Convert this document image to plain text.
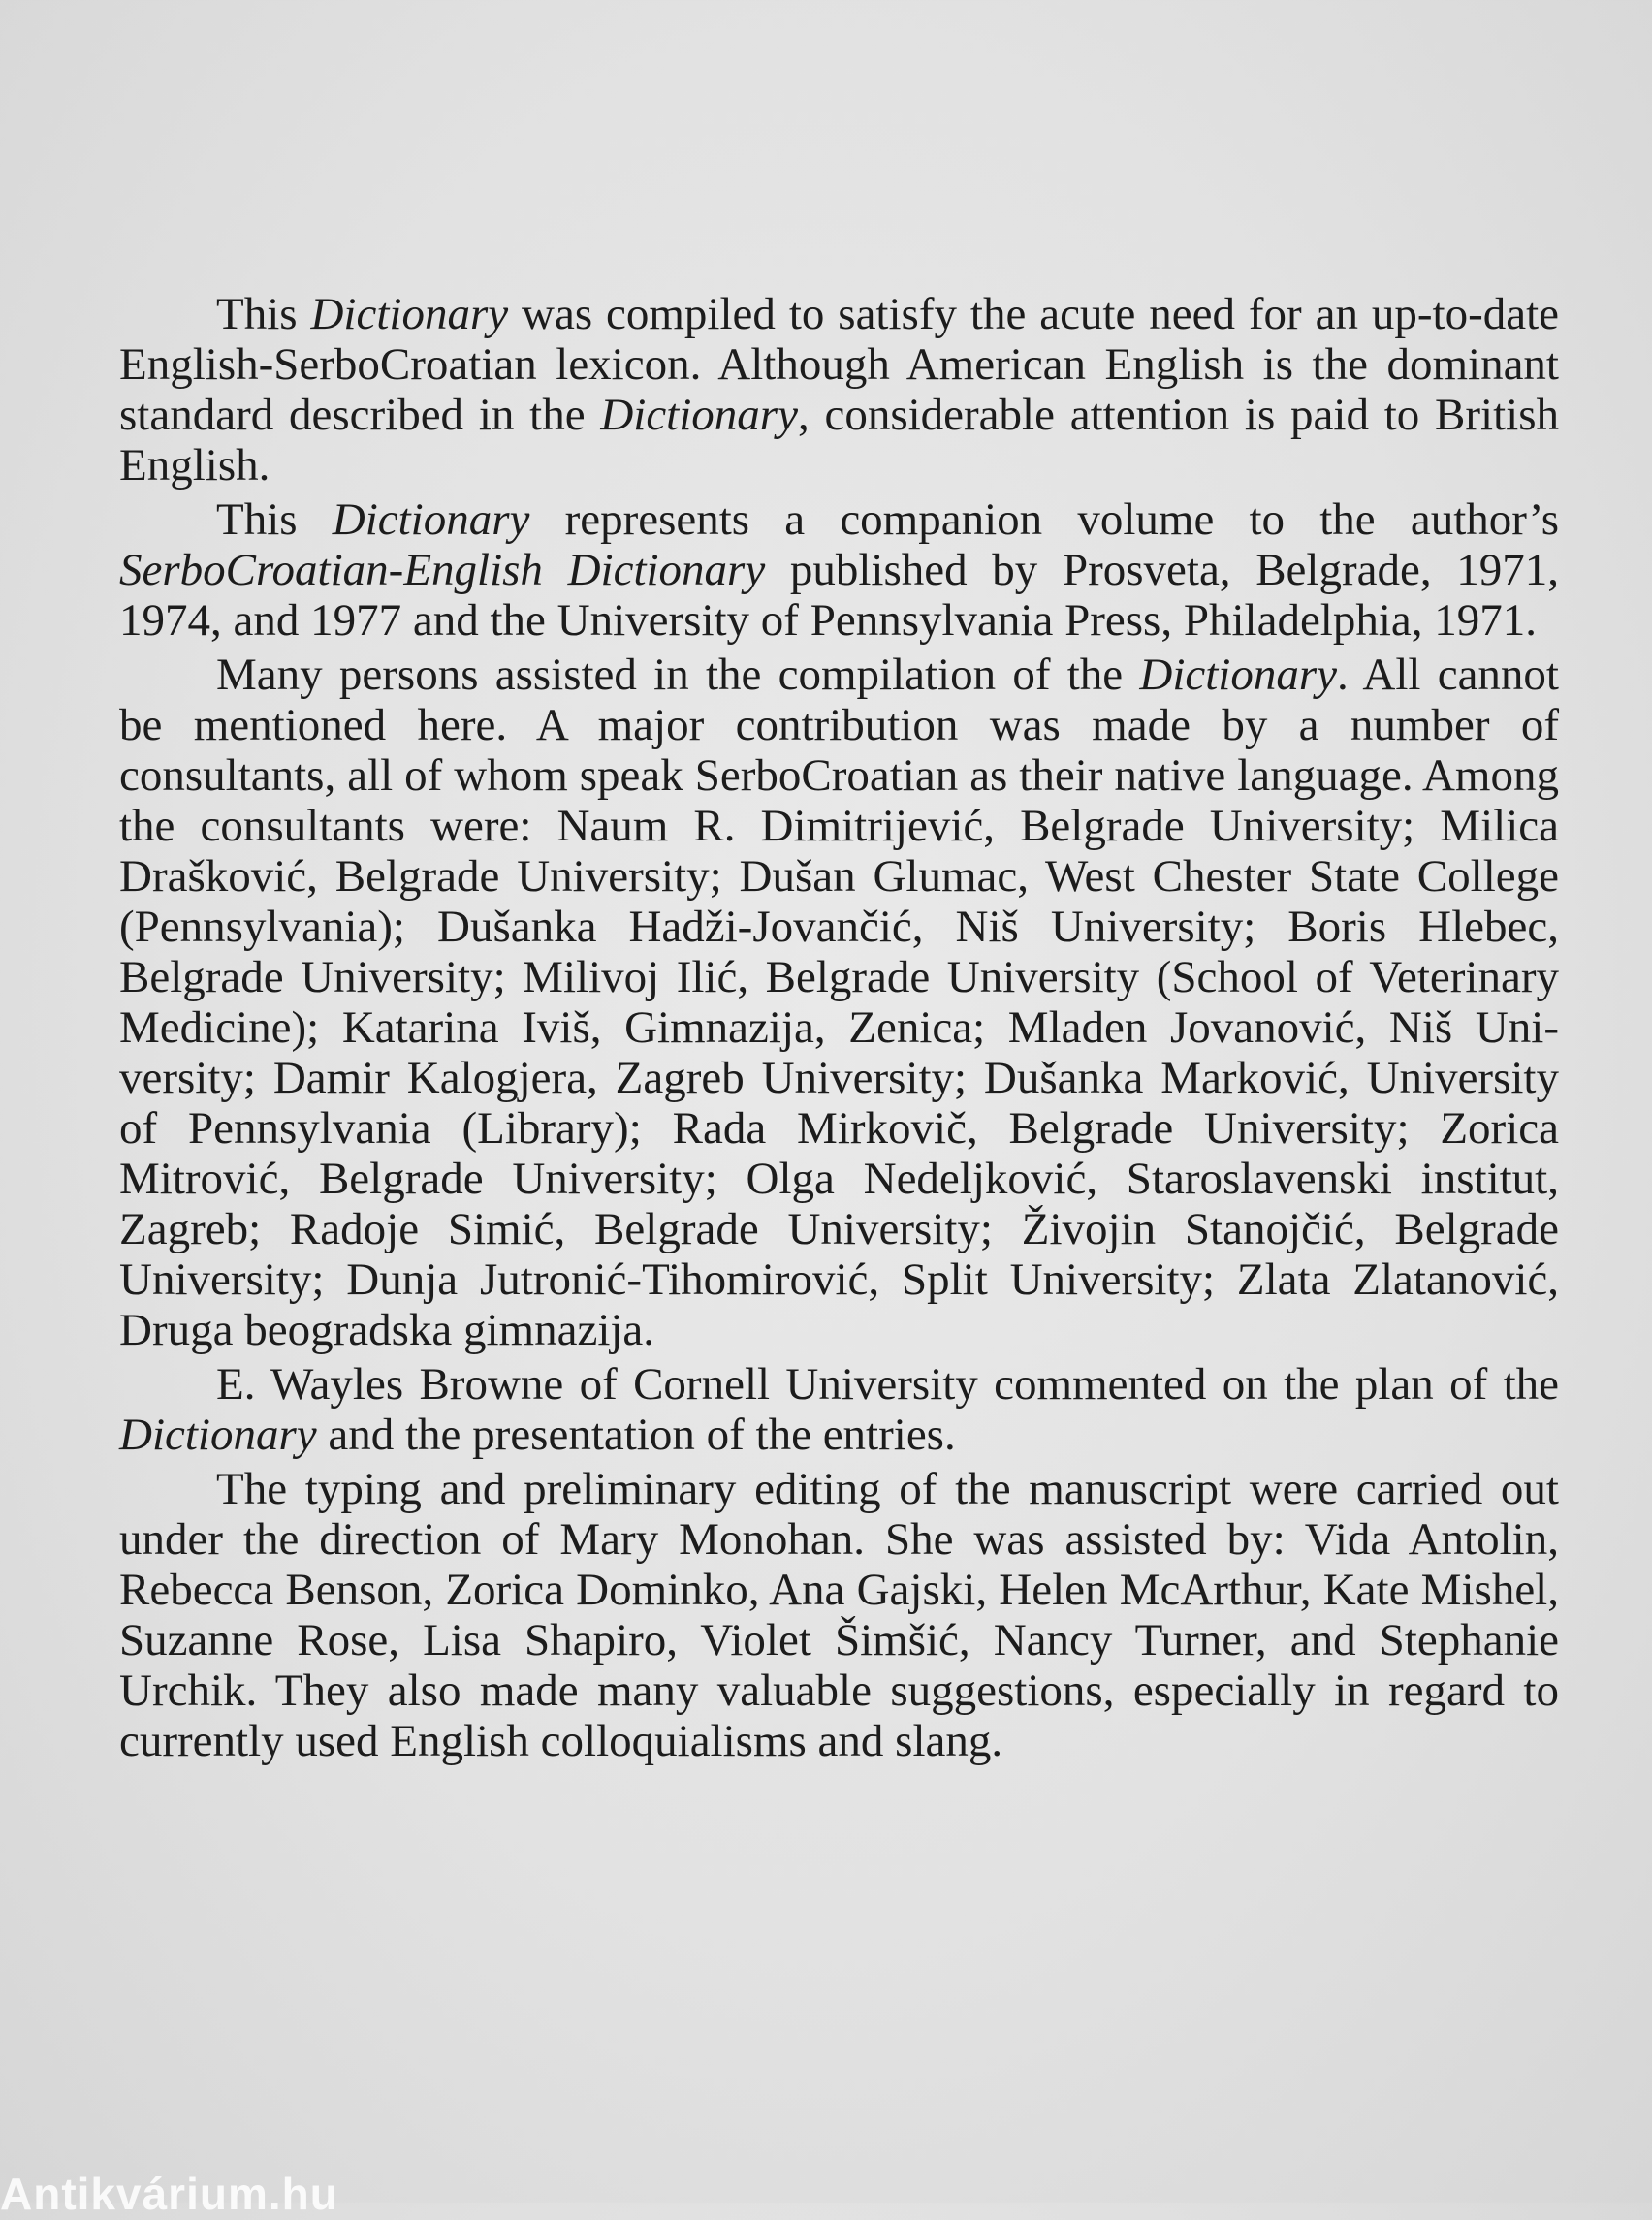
This Dictionary was compiled to satisfy the acute need for an up-to-date English-SerboCroatian lexicon. Although American English is the dominant standard described in the Dictionary, considerable attention is paid to British English.

This Dictionary represents a companion volume to the author’s SerboCroatian-English Dictionary published by Prosveta, Belgrade, 1971, 1974, and 1977 and the University of Pennsylvania Press, Philadelphia, 1971.

Many persons assisted in the compilation of the Dictionary. All cannot be mentioned here. A major contribution was made by a number of consultants, all of whom speak SerboCroatian as their native language. Among the consultants were: Naum R. Dimitrijević, Belgrade University; Milica Drašković, Belgrade University; Dušan Glumac, West Chester State College (Pennsylvania); Dušanka Hadži-Jovančić, Niš University; Boris Hlebec, Belgrade University; Milivoj Ilić, Belgrade University (School of Veterinary Medicine); Katarina Iviš, Gimnazija, Zenica; Mladen Jovanović, Niš University; Damir Kalogjera, Zagreb University; Dušanka Marković, University of Pennsylvania (Library); Rada Mirkovič, Belgrade University; Zorica Mitrović, Belgrade University; Olga Nedeljković, Staroslavenski institut, Zagreb; Radoje Simić, Belgrade University; Živojin Stanojčić, Belgrade University; Dunja Jutronić-Tihomirović, Split University; Zlata Zlatanović, Druga beogradska gimnazija.

E. Wayles Browne of Cornell University commented on the plan of the Dictionary and the presentation of the entries.

The typing and preliminary editing of the manuscript were carried out under the direction of Mary Monohan. She was assisted by: Vida Antolin, Rebecca Benson, Zorica Dominko, Ana Gajski, Helen McArthur, Kate Mishel, Suzanne Rose, Lisa Shapiro, Violet Šimšić, Nancy Turner, and Stephanie Urchik. They also made many valuable suggestions, especially in regard to currently used English colloquialisms and slang.

Antikvárium.hu
